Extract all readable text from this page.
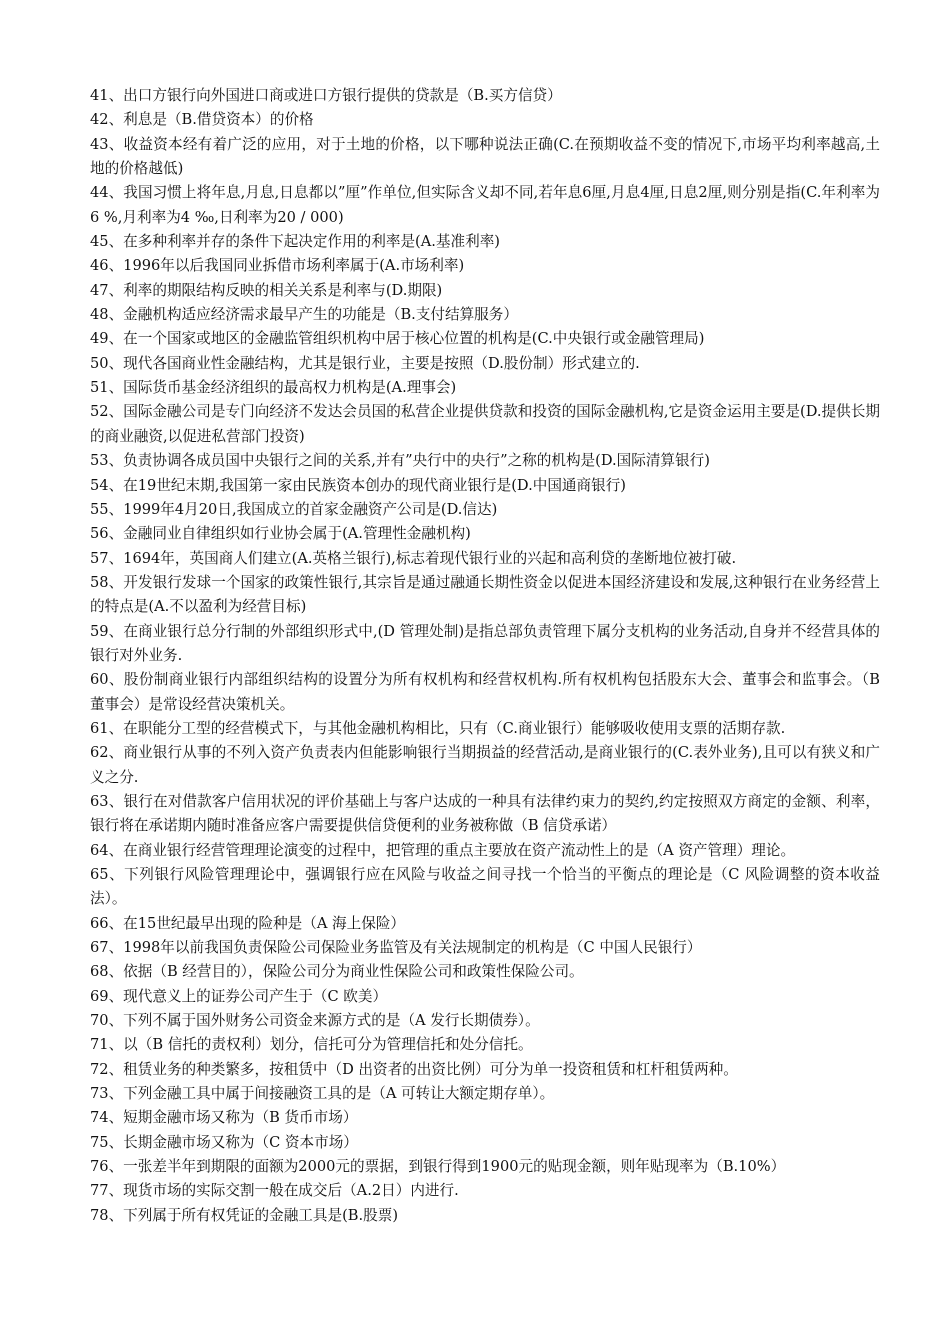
41、出口方银行向外国进口商或进口方银行提供的贷款是（B.买方信贷）

42、利息是（B.借贷资本）的价格

43、收益资本经有着广泛的应用，对于土地的价格，以下哪种说法正确(C.在预期收益不变的情况下,市场平均利率越高,土地的价格越低)

44、我国习惯上将年息,月息,日息都以”厘”作单位,但实际含义却不同,若年息6厘,月息4厘,日息2厘,则分别是指(C.年利率为6 %,月利率为4 ‰,日利率为20 / 000)

45、在多种利率并存的条件下起决定作用的利率是(A.基准利率)

46、1996年以后我国同业拆借市场利率属于(A.市场利率)

47、利率的期限结构反映的相关关系是利率与(D.期限)

48、金融机构适应经济需求最早产生的功能是（B.支付结算服务）

49、在一个国家或地区的金融监管组织机构中居于核心位置的机构是(C.中央银行或金融管理局)

50、现代各国商业性金融结构，尤其是银行业，主要是按照（D.股份制）形式建立的.

51、国际货币基金经济组织的最高权力机构是(A.理事会)

52、国际金融公司是专门向经济不发达会员国的私营企业提供贷款和投资的国际金融机构,它是资金运用主要是(D.提供长期的商业融资,以促进私营部门投资)

53、负责协调各成员国中央银行之间的关系,并有”央行中的央行”之称的机构是(D.国际清算银行)

54、在19世纪末期,我国第一家由民族资本创办的现代商业银行是(D.中国通商银行)

55、1999年4月20日,我国成立的首家金融资产公司是(D.信达)

56、金融同业自律组织如行业协会属于(A.管理性金融机构)

57、1694年，英国商人们建立(A.英格兰银行),标志着现代银行业的兴起和高利贷的垄断地位被打破.

58、开发银行发球一个国家的政策性银行,其宗旨是通过融通长期性资金以促进本国经济建设和发展,这种银行在业务经营上的特点是(A.不以盈利为经营目标)

59、在商业银行总分行制的外部组织形式中,(D 管理处制)是指总部负责管理下属分支机构的业务活动,自身并不经营具体的银行对外业务.

60、股份制商业银行内部组织结构的设置分为所有权机构和经营权机构.所有权机构包括股东大会、董事会和监事会。（B 董事会）是常设经营决策机关。

61、在职能分工型的经营模式下，与其他金融机构相比，只有（C.商业银行）能够吸收使用支票的活期存款.

62、商业银行从事的不列入资产负责表内但能影响银行当期损益的经营活动,是商业银行的(C.表外业务),且可以有狭义和广义之分.

63、银行在对借款客户信用状况的评价基础上与客户达成的一种具有法律约束力的契约,约定按照双方商定的金额、利率，银行将在承诺期内随时准备应客户需要提供信贷便利的业务被称做（B 信贷承诺）

64、在商业银行经营管理理论演变的过程中，把管理的重点主要放在资产流动性上的是（A 资产管理）理论。

65、下列银行风险管理理论中，强调银行应在风险与收益之间寻找一个恰当的平衡点的理论是（C 风险调整的资本收益法）。

66、在15世纪最早出现的险种是（A 海上保险）

67、1998年以前我国负责保险公司保险业务监管及有关法规制定的机构是（C 中国人民银行）

68、依据（B 经营目的），保险公司分为商业性保险公司和政策性保险公司。

69、现代意义上的证券公司产生于（C 欧美）

70、下列不属于国外财务公司资金来源方式的是（A 发行长期债券）。

71、以（B 信托的责权利）划分，信托可分为管理信托和处分信托。

72、租赁业务的种类繁多，按租赁中（D 出资者的出资比例）可分为单一投资租赁和杠杆租赁两种。

73、下列金融工具中属于间接融资工具的是（A 可转让大额定期存单）。

74、短期金融市场又称为（B 货币市场）

75、长期金融市场又称为（C 资本市场）

76、一张差半年到期限的面额为2000元的票据，到银行得到1900元的贴现金额，则年贴现率为（B.10%）

77、现货市场的实际交割一般在成交后（A.2日）内进行.

78、下列属于所有权凭证的金融工具是(B.股票)
